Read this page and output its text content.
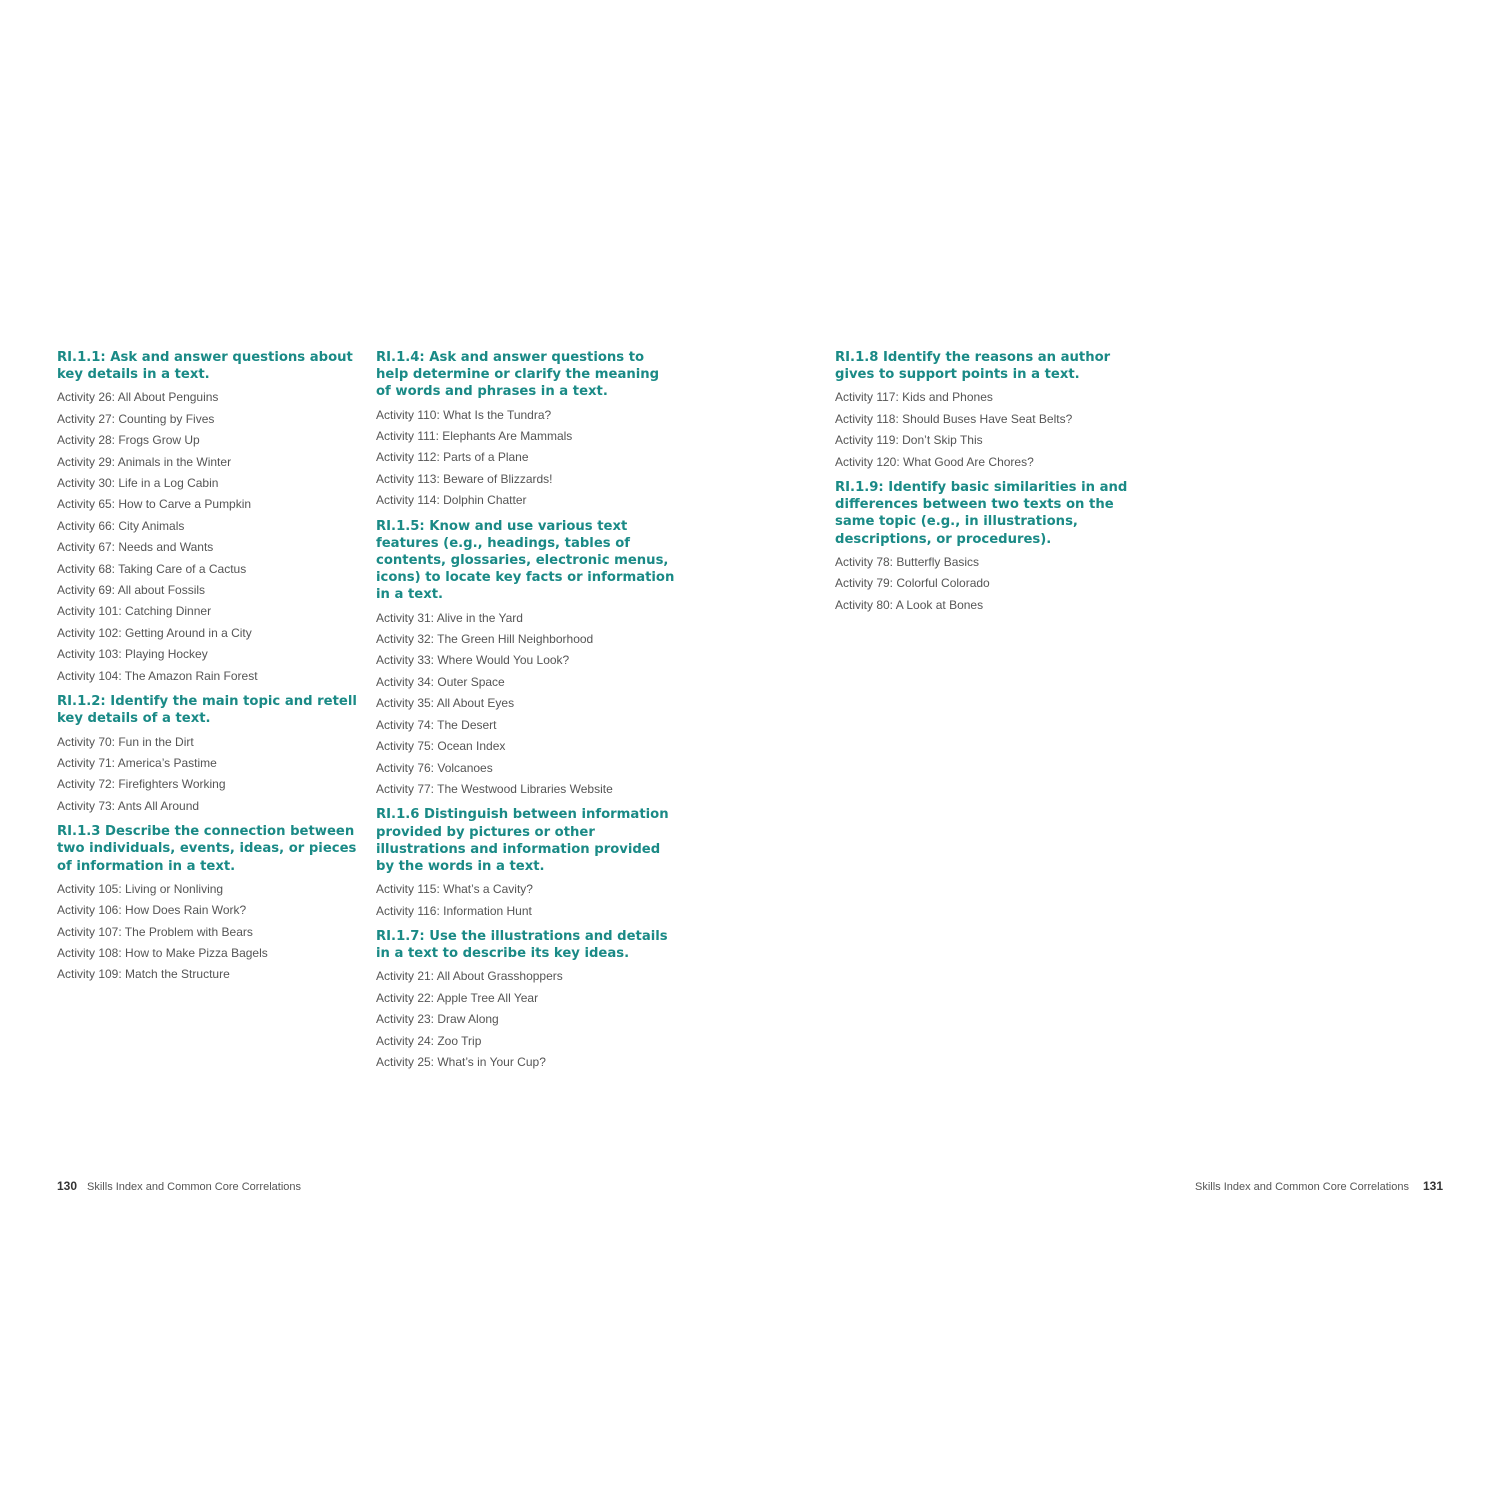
RI.1.1: Ask and answer questions about key details in a text.
Activity 26: All About Penguins
Activity 27: Counting by Fives
Activity 28: Frogs Grow Up
Activity 29: Animals in the Winter
Activity 30: Life in a Log Cabin
Activity 65: How to Carve a Pumpkin
Activity 66: City Animals
Activity 67: Needs and Wants
Activity 68: Taking Care of a Cactus
Activity 69: All about Fossils
Activity 101: Catching Dinner
Activity 102: Getting Around in a City
Activity 103: Playing Hockey
Activity 104: The Amazon Rain Forest
RI.1.2: Identify the main topic and retell key details of a text.
Activity 70: Fun in the Dirt
Activity 71: America’s Pastime
Activity 72: Firefighters Working
Activity 73: Ants All Around
RI.1.3 Describe the connection between two individuals, events, ideas, or pieces of information in a text.
Activity 105: Living or Nonliving
Activity 106: How Does Rain Work?
Activity 107: The Problem with Bears
Activity 108: How to Make Pizza Bagels
Activity 109: Match the Structure
RI.1.4: Ask and answer questions to help determine or clarify the meaning of words and phrases in a text.
Activity 110: What Is the Tundra?
Activity 111: Elephants Are Mammals
Activity 112: Parts of a Plane
Activity 113: Beware of Blizzards!
Activity 114: Dolphin Chatter
RI.1.5: Know and use various text features (e.g., headings, tables of contents, glossaries, electronic menus, icons) to locate key facts or information in a text.
Activity 31: Alive in the Yard
Activity 32: The Green Hill Neighborhood
Activity 33: Where Would You Look?
Activity 34: Outer Space
Activity 35: All About Eyes
Activity 74: The Desert
Activity 75: Ocean Index
Activity 76: Volcanoes
Activity 77: The Westwood Libraries Website
RI.1.6 Distinguish between information provided by pictures or other illustrations and information provided by the words in a text.
Activity 115: What’s a Cavity?
Activity 116: Information Hunt
RI.1.7: Use the illustrations and details in a text to describe its key ideas.
Activity 21: All About Grasshoppers
Activity 22: Apple Tree All Year
Activity 23: Draw Along
Activity 24: Zoo Trip
Activity 25: What’s in Your Cup?
RI.1.8 Identify the reasons an author gives to support points in a text.
Activity 117: Kids and Phones
Activity 118: Should Buses Have Seat Belts?
Activity 119: Don’t Skip This
Activity 120: What Good Are Chores?
RI.1.9: Identify basic similarities in and differences between two texts on the same topic (e.g., in illustrations, descriptions, or procedures).
Activity 78: Butterfly Basics
Activity 79: Colorful Colorado
Activity 80: A Look at Bones
130 Skills Index and Common Core Correlations	Skills Index and Common Core Correlations 131
